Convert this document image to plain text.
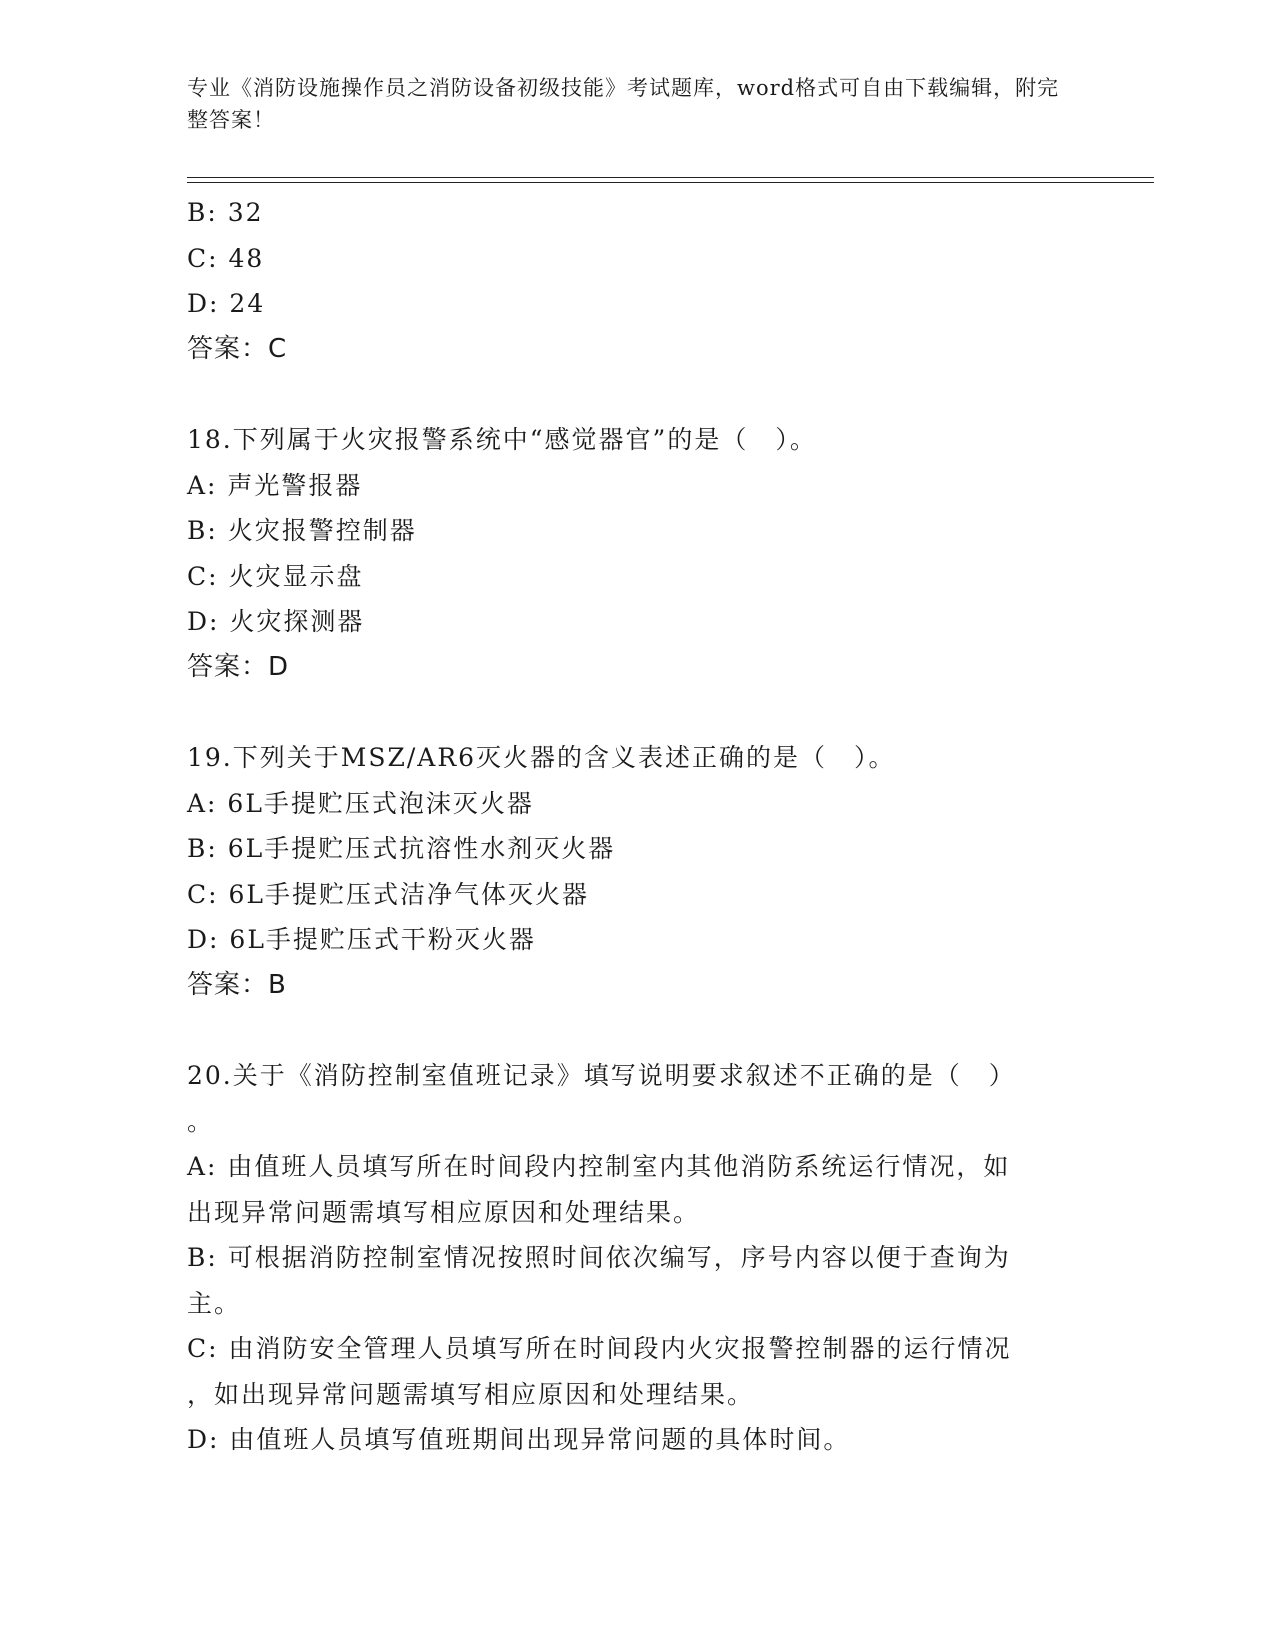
专业《消防设施操作员之消防设备初级技能》考试题库，word格式可自由下载编辑，附完整答案！
B: 32
C: 48
D: 24
答案：C
18.下列属于火灾报警系统中“感觉器官”的是（　）。
A: 声光警报器
B: 火灾报警控制器
C: 火灾显示盘
D: 火灾探测器
答案：D
19.下列关于MSZ/AR6灭火器的含义表述正确的是（　）。
A: 6L手提贮压式泡沫灭火器
B: 6L手提贮压式抗溶性水剂灭火器
C: 6L手提贮压式洁净气体灭火器
D: 6L手提贮压式干粉灭火器
答案：B
20.关于《消防控制室值班记录》填写说明要求叙述不正确的是（　）
。
A: 由值班人员填写所在时间段内控制室内其他消防系统运行情况，如
出现异常问题需填写相应原因和处理结果。
B: 可根据消防控制室情况按照时间依次编写，序号内容以便于查询为
主。
C: 由消防安全管理人员填写所在时间段内火灾报警控制器的运行情况
，如出现异常问题需填写相应原因和处理结果。
D: 由值班人员填写值班期间出现异常问题的具体时间。
